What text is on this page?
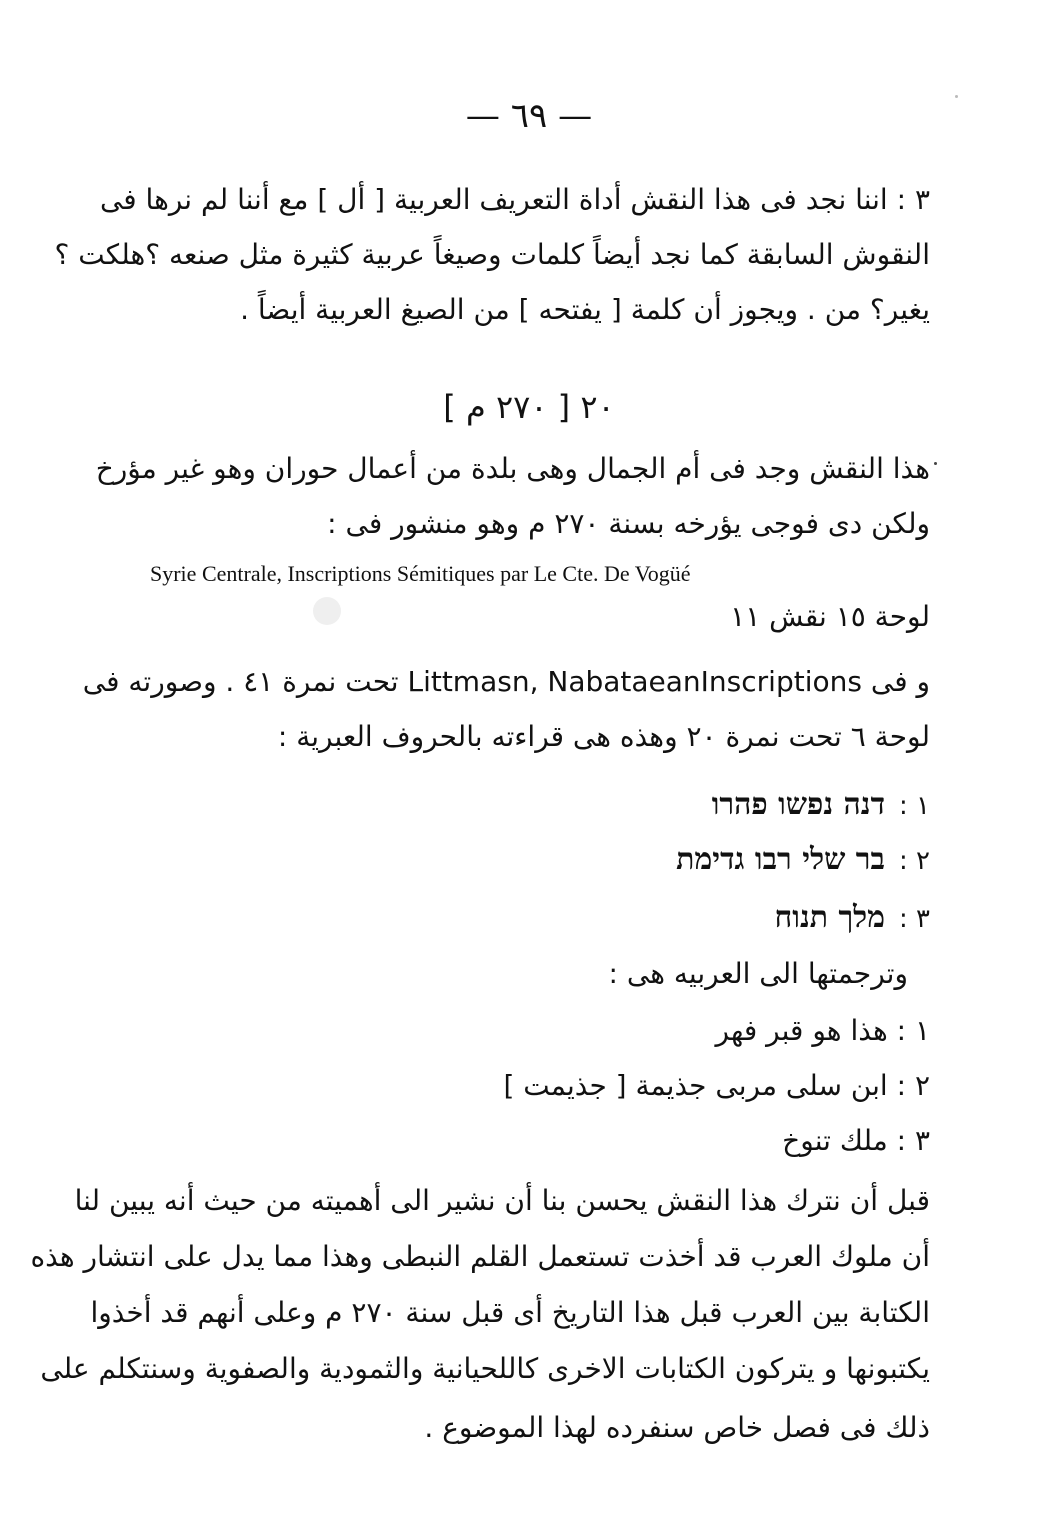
— ٦٩ —
٣ : اننا نجد فى هذا النقش أداة التعريف العربية [ أل ] مع أننا لم نرها فى
النقوش السابقة كما نجد أيضاً كلمات وصيغاً عربية كثيرة مثل صنعه ؟هلكت ؟
يغير؟ من . ويجوز أن كلمة [ يفتحه ] من الصيغ العربية أيضاً .
٢٠ [ ٢٧٠ م ]
هذا النقش وجد فى أم الجمال وهى بلدة من أعمال حوران وهو غير مؤرخ
ولكن دى فوجى يؤرخه بسنة ٢٧٠ م وهو منشور فى :
Syrie Centrale, Inscriptions Sémitiques par Le Cte. De Vogüé
لوحة ١٥ نقش ١١
و فى Littmasn, NabataeanInscriptions تحت نمرة ٤١ . وصورته فى
لوحة ٦ تحت نمرة ٢٠ وهذه هى قراءته بالحروف العبرية :
١ :דנה נפשו פהרו
٢ :בר שלי רבו גדימת
٣ :מלך תנוח
وترجمتها الى العربيه هى :
١ : هذا هو قبر فهر
٢ : ابن سلى مربى جذيمة [ جذيمت ]
٣ : ملك تنوخ
قبل أن نترك هذا النقش يحسن بنا أن نشير الى أهميته من حيث أنه يبين لنا
أن ملوك العرب قد أخذت تستعمل القلم النبطى وهذا مما يدل على انتشار هذه
الكتابة بين العرب قبل هذا التاريخ أى قبل سنة ٢٧٠ م وعلى أنهم قد أخذوا
يكتبونها و يتركون الكتابات الاخرى كاللحيانية والثمودية والصفوية وسنتكلم على
ذلك فى فصل خاص سنفرده لهذا الموضوع .
